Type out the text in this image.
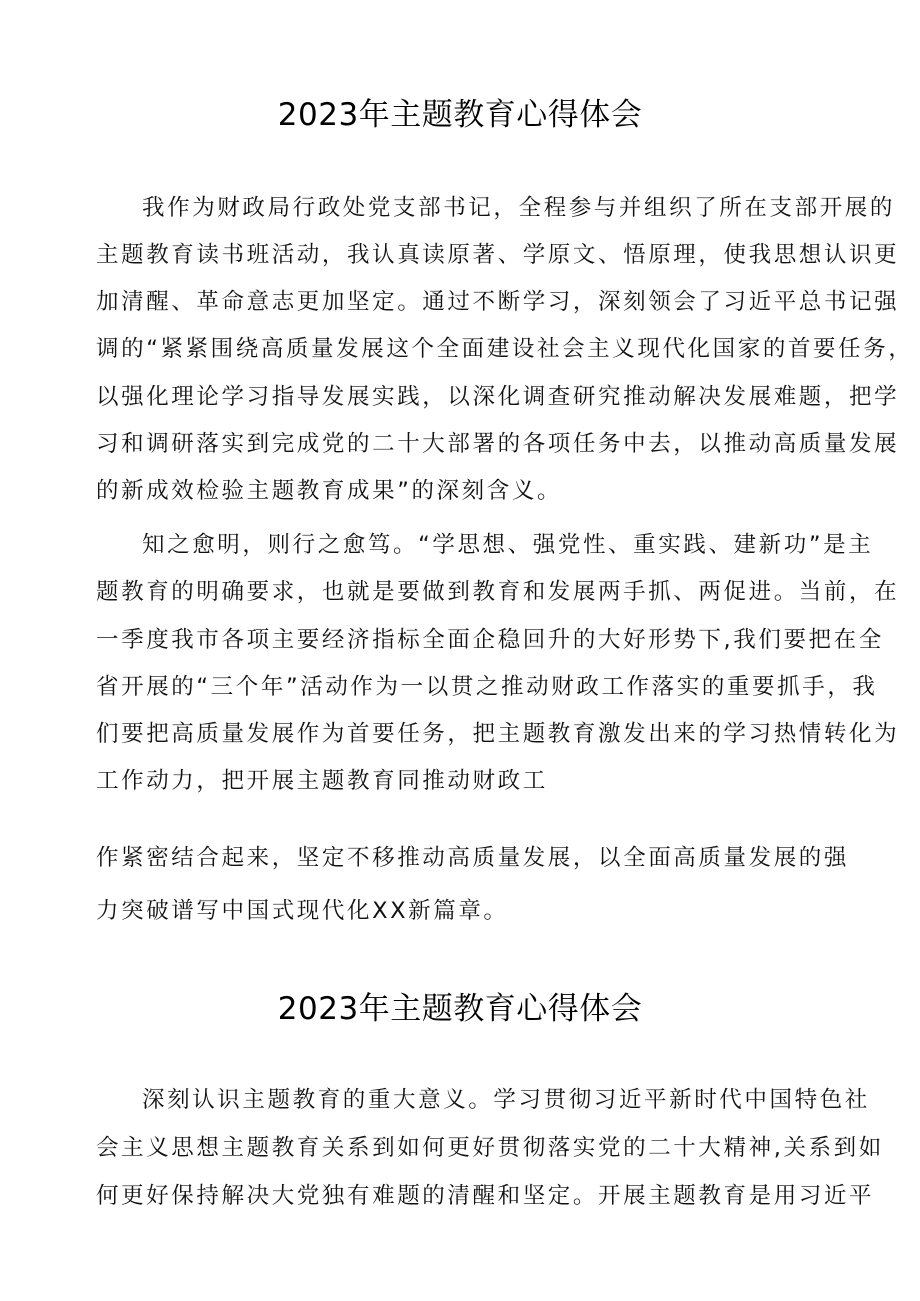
2023年主题教育心得体会
我作为财政局行政处党支部书记，全程参与并组织了所在支部开展的
主题教育读书班活动，我认真读原著、学原文、悟原理，使我思想认识更
加清醒、革命意志更加坚定。通过不断学习，深刻领会了习近平总书记强
调的“紧紧围绕高质量发展这个全面建设社会主义现代化国家的首要任务，
以强化理论学习指导发展实践，以深化调查研究推动解决发展难题，把学
习和调研落实到完成党的二十大部署的各项任务中去，以推动高质量发展
的新成效检验主题教育成果”的深刻含义。
知之愈明，则行之愈笃。“学思想、强党性、重实践、建新功”是主
题教育的明确要求，也就是要做到教育和发展两手抓、两促进。当前，在
一季度我市各项主要经济指标全面企稳回升的大好形势下,我们要把在全
省开展的“三个年”活动作为一以贯之推动财政工作落实的重要抓手，我
们要把高质量发展作为首要任务，把主题教育激发出来的学习热情转化为
工作动力，把开展主题教育同推动财政工
作紧密结合起来，坚定不移推动高质量发展，以全面高质量发展的强
力突破谱写中国式现代化XX新篇章。
2023年主题教育心得体会
深刻认识主题教育的重大意义。学习贯彻习近平新时代中国特色社
会主义思想主题教育关系到如何更好贯彻落实党的二十大精神,关系到如
何更好保持解决大党独有难题的清醒和坚定。开展主题教育是用习近平
